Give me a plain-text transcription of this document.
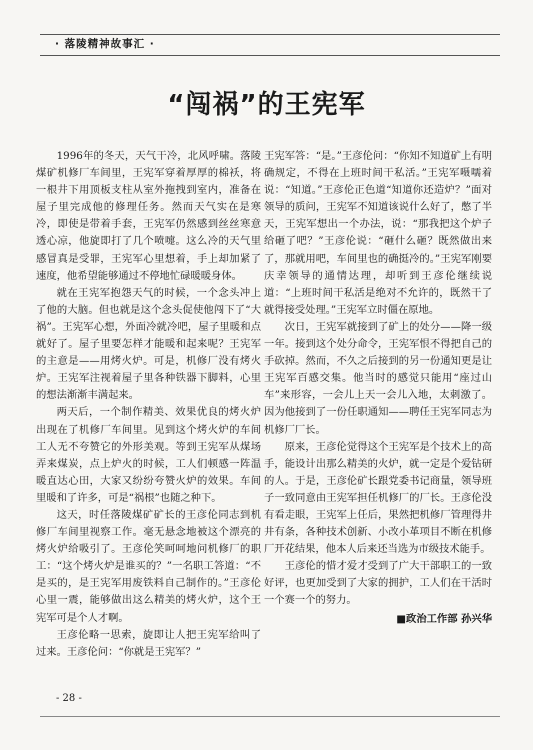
· 落陵精神故事汇 ·
“闯祸”的王宪军

1996年的冬天，天气干冷，北风呼啸。落陵煤矿机修厂车间里，王宪军穿着厚厚的棉袄，将一根井下用顶板支柱从室外拖拽到室内，准备在屋子里完成他的修理任务。然而天气实在是寒冷，即使是带着手套，王宪军仍然感到丝丝寒意透心凉，他旋即打了几个喷嚏。这么冷的天气里感冒真是受罪，王宪军心里想着，手上却加紧了速度，他希望能够通过不停地忙碌暖暖身体。

就在王宪军抱怨天气的时候，一个念头冲上了他的大脑。但也就是这个念头促使他闯下了“大祸”。王宪军心想，外面冷就冷吧，屋子里暖和点就好了。屋子里要怎样才能暖和起来呢？王宪军的主意是——用烤火炉。可是，机修厂没有烤火炉。王宪军注视着屋子里各种铁器下脚料，心里的想法渐渐丰满起来。

两天后，一个制作精美、效果优良的烤火炉出现在了机修厂车间里。见到这个烤火炉的车间工人无不夸赞它的外形美观。等到王宪军从煤场弄来煤炭，点上炉火的时候，工人们顿感一阵温暖直达心田，大家又纷纷夸赞火炉的效果。车间里暖和了许多，可是“祸根”也随之种下。

这天，时任落陵煤矿矿长的王彦伦同志到机修厂车间里视察工作。毫无悬念地被这个漂亮的烤火炉给吸引了。王彦伦笑呵呵地问机修厂的职工：“这个烤火炉是谁买的？”一名职工答道：“不是买的，是王宪军用废铁料自己制作的。”王彦伦心里一震，能够做出这么精美的烤火炉，这个王宪军可是个人才啊。

王彦伦略一思索，旋即让人把王宪军给叫了过来。王彦伦问：“你就是王宪军？”

王宪军答：“是。”王彦伦问：“你知不知道矿上有明确规定，不得在上班时间干私活。”王宪军嗫嚅着说：“知道。”王彦伦正色道“知道你还造炉？”面对领导的质问，王宪军不知道该说什么好了，憋了半天，王宪军想出一个办法，说：“那我把这个炉子给砸了吧？”王彦伦说：“砸什么砸？既然做出来了，那就用吧，车间里也的确挺冷的。”王宪军刚要庆幸领导的通情达理，却听到王彦伦继续说道：“上班时间干私活是绝对不允许的，既然干了就得接受处理。”王宪军立时僵在原地。

次日，王宪军就接到了矿上的处分——降一级一年。接到这个处分命令，王宪军恨不得把自己的手砍掉。然而，不久之后接到的另一份通知更是让王宪军百感交集。他当时的感觉只能用“座过山车”来形容，一会儿上天一会儿入地，太刺激了。因为他接到了一份任职通知——聘任王宪军同志为机修厂厂长。

原来，王彦伦觉得这个王宪军是个技术上的高手，能设计出那么精美的火炉，就一定是个爱钻研的人。于是，王彦伦矿长跟党委书记商量，领导班子一致同意由王宪军担任机修厂的厂长。王彦伦没有看走眼，王宪军上任后，果然把机修厂管理得井井有条，各种技术创新、小改小革项目不断在机修厂开花结果，他本人后来还当选为市级技术能手。

王彦伦的惜才爱才受到了广大干部职工的一致好评，也更加受到了大家的拥护，工人们在干活时一个赛一个的努力。

■政治工作部 孙兴华
- 28 -
